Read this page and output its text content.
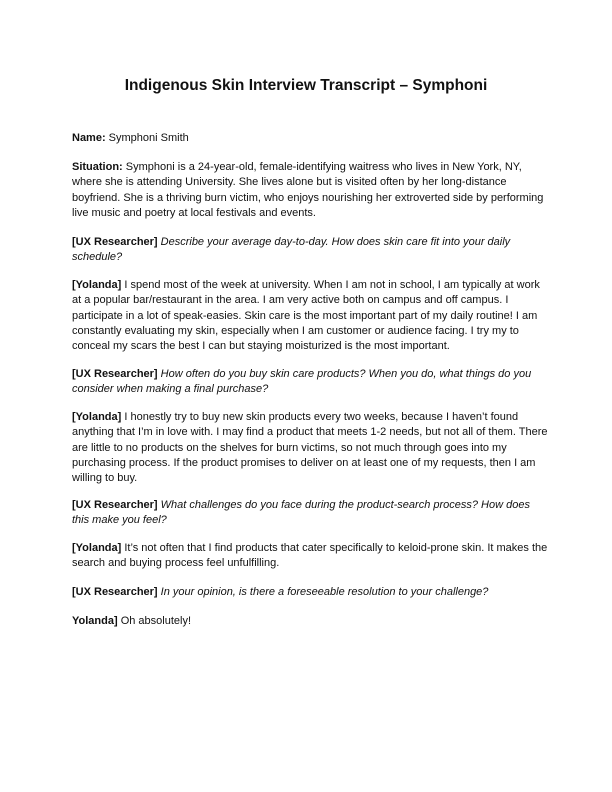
Indigenous Skin Interview Transcript – Symphoni
Name: Symphoni Smith
Situation: Symphoni is a 24-year-old, female-identifying waitress who lives in New York, NY, where she is attending University. She lives alone but is visited often by her long-distance boyfriend. She is a thriving burn victim, who enjoys nourishing her extroverted side by performing live music and poetry at local festivals and events.
[UX Researcher] Describe your average day-to-day. How does skin care fit into your daily schedule?
[Yolanda] I spend most of the week at university. When I am not in school, I am typically at work at a popular bar/restaurant in the area. I am very active both on campus and off campus. I participate in a lot of speak-easies. Skin care is the most important part of my daily routine! I am constantly evaluating my skin, especially when I am customer or audience facing. I try my to conceal my scars the best I can but staying moisturized is the most important.
[UX Researcher] How often do you buy skin care products? When you do, what things do you consider when making a final purchase?
[Yolanda] I honestly try to buy new skin products every two weeks, because I haven’t found anything that I’m in love with. I may find a product that meets 1-2 needs, but not all of them. There are little to no products on the shelves for burn victims, so not much through goes into my purchasing process. If the product promises to deliver on at least one of my requests, then I am willing to buy.
[UX Researcher] What challenges do you face during the product-search process? How does this make you feel?
[Yolanda] It’s not often that I find products that cater specifically to keloid-prone skin. It makes the search and buying process feel unfulfilling.
[UX Researcher] In your opinion, is there a foreseeable resolution to your challenge?
Yolanda] Oh absolutely!
